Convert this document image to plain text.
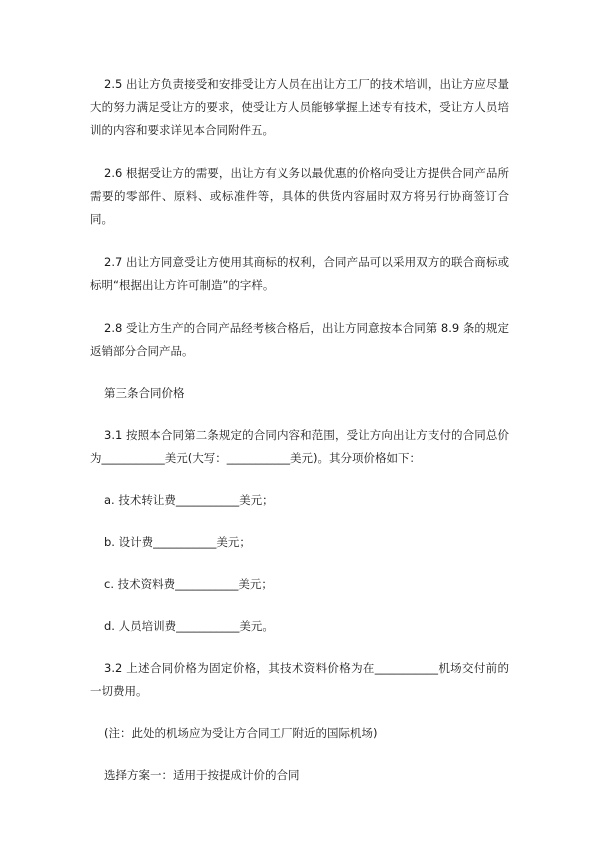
2.5 出让方负责接受和安排受让方人员在出让方工厂的技术培训，出让方应尽量大的努力满足受让方的要求，使受让方人员能够掌握上述专有技术，受让方人员培训的内容和要求详见本合同附件五。

2.6 根据受让方的需要，出让方有义务以最优惠的价格向受让方提供合同产品所需要的零部件、原料、或标准件等，具体的供货内容届时双方将另行协商签订合同。

2.7 出让方同意受让方使用其商标的权利，合同产品可以采用双方的联合商标或标明“根据出让方许可制造”的字样。

2.8 受让方生产的合同产品经考核合格后，出让方同意按本合同第 8.9 条的规定返销部分合同产品。

第三条合同价格

3.1 按照本合同第二条规定的合同内容和范围，受让方向出让方支付的合同总价为___________美元(大写：___________美元)。其分项价格如下：

a. 技术转让费___________美元；

b. 设计费___________美元；

c. 技术资料费___________美元；

d. 人员培训费___________美元。

3.2 上述合同价格为固定价格，其技术资料价格为在___________机场交付前的一切费用。

(注：此处的机场应为受让方合同工厂附近的国际机场)

选择方案一：适用于按提成计价的合同
